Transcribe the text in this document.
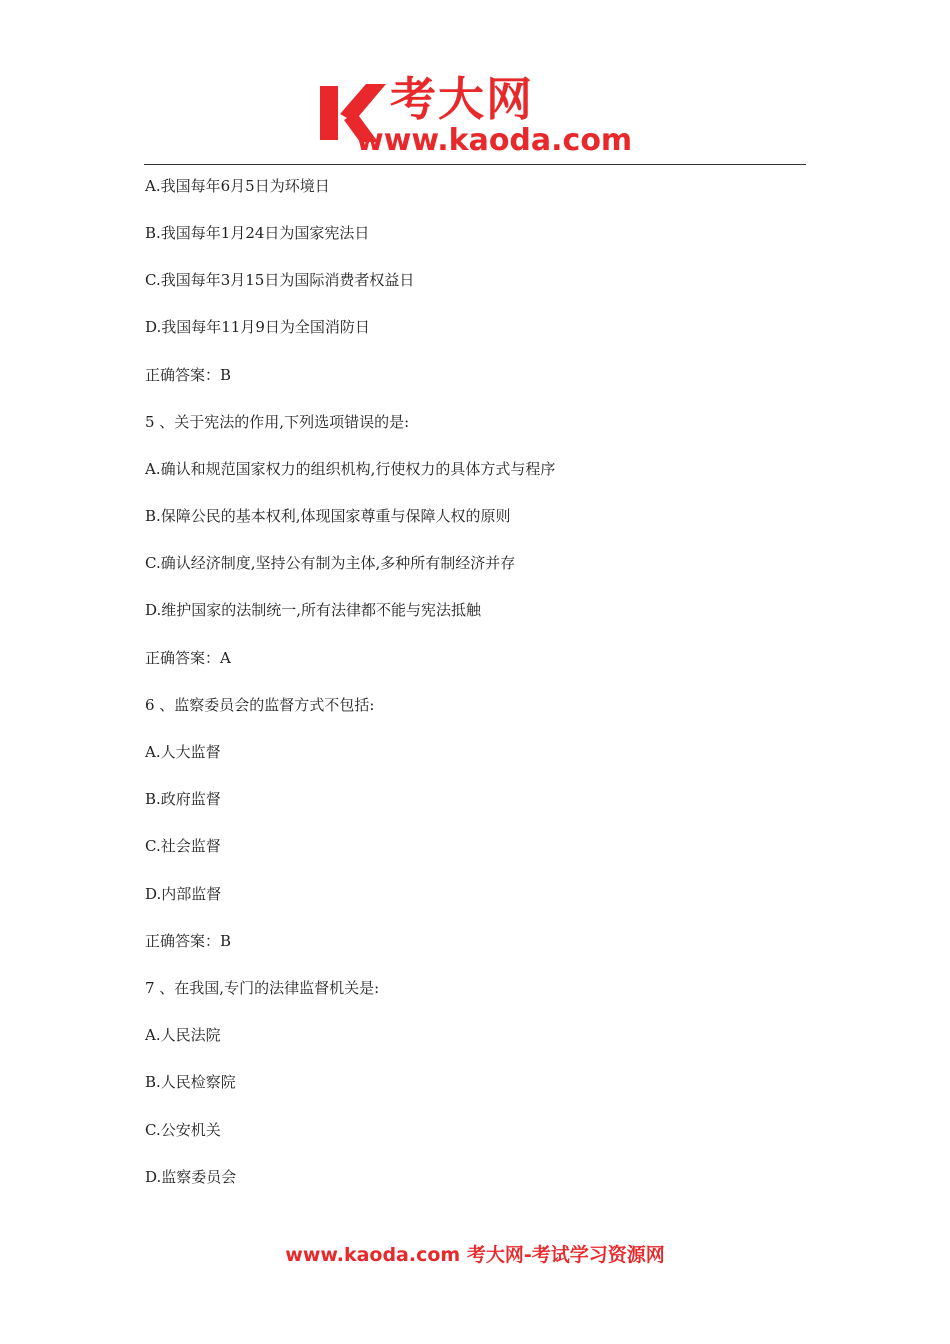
考大网
www.kaoda.com
A.我国每年6月5日为环境日
B.我国每年1月24日为国家宪法日
C.我国每年3月15日为国际消费者权益日
D.我国每年11月9日为全国消防日
正确答案：B
5 、关于宪法的作用,下列选项错误的是:
A.确认和规范国家权力的组织机构,行使权力的具体方式与程序
B.保障公民的基本权利,体现国家尊重与保障人权的原则
C.确认经济制度,坚持公有制为主体,多种所有制经济并存
D.维护国家的法制统一,所有法律都不能与宪法抵触
正确答案：A
6 、监察委员会的监督方式不包括:
A.人大监督
B.政府监督
C.社会监督
D.内部监督
正确答案：B
7 、在我国,专门的法律监督机关是:
A.人民法院
B.人民检察院
C.公安机关
D.监察委员会
www.kaoda.com 考大网-考试学习资源网
